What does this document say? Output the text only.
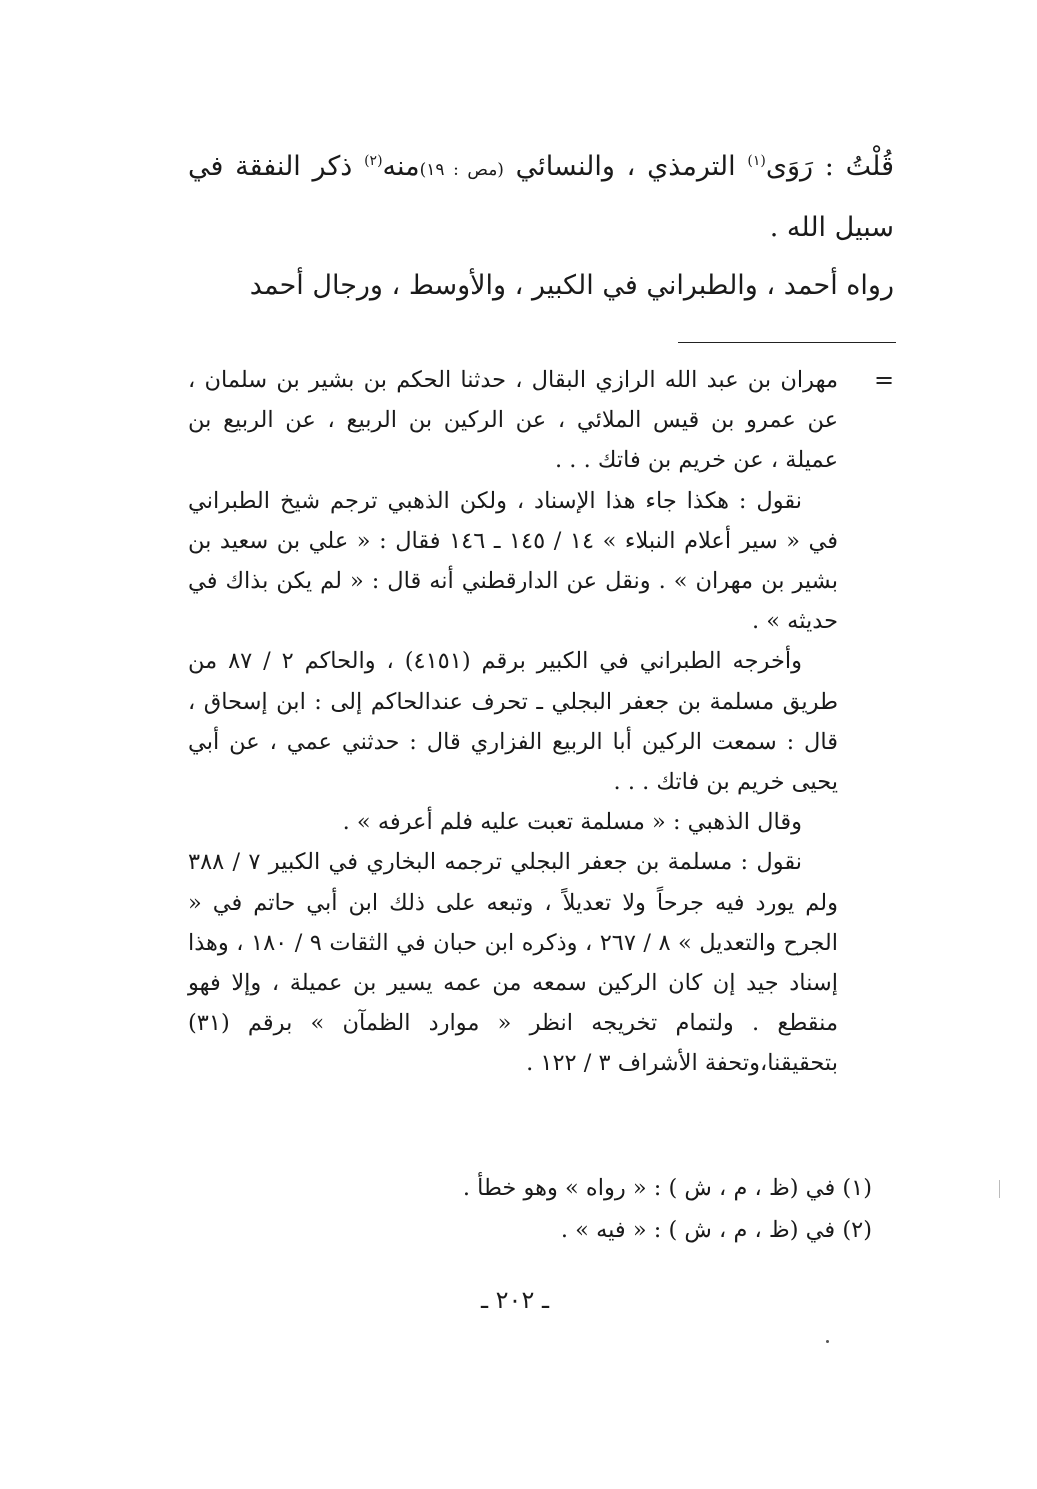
قُلْتُ : رَوَى$^{(١)}$ الترمذي ، والنسائي (مص : ١٩)منه$^{(٢)}$ ذكر النفقة في سبيل الله .

رواه أحمد ، والطبراني في الكبير ، والأوسط ، ورجال أحمد

=

مهران بن عبد الله الرازي البقال ، حدثنا الحكم بن بشير بن سلمان ، عن عمرو بن قيس الملائي ، عن الركين بن الربيع ، عن الربيع بن عميلة ، عن خريم بن فاتك . . .

نقول : هكذا جاء هذا الإسناد ، ولكن الذهبي ترجم شيخ الطبراني في « سير أعلام النبلاء » ١٤ / ١٤٥ ـ ١٤٦ فقال : « علي بن سعيد بن بشير بن مهران » . ونقل عن الدارقطني أنه قال : « لم يكن بذاك في حديثه » .

وأخرجه الطبراني في الكبير برقم (٤١٥١) ، والحاكم ٢ / ٨٧ من طريق مسلمة بن جعفر البجلي ـ تحرف عندالحاكم إلى : ابن إسحاق ، قال : سمعت الركين أبا الربيع الفزاري قال : حدثني عمي ، عن أبي يحيى خريم بن فاتك . . .

وقال الذهبي : « مسلمة تعبت عليه فلم أعرفه » .

نقول : مسلمة بن جعفر البجلي ترجمه البخاري في الكبير ٧ / ٣٨٨ ولم يورد فيه جرحاً ولا تعديلاً ، وتبعه على ذلك ابن أبي حاتم في « الجرح والتعديل » ٨ / ٢٦٧ ، وذكره ابن حبان في الثقات ٩ / ١٨٠ ، وهذا إسناد جيد إن كان الركين سمعه من عمه يسير بن عميلة ، وإلا فهو منقطع . ولتمام تخريجه انظر « موارد الظمآن » برقم (٣١) بتحقيقنا،وتحفة الأشراف ٣ / ١٢٢ .

(١) في (ظ ، م ، ش ) : « رواه » وهو خطأ .
(٢) في (ظ ، م ، ش ) : « فيه » .
ـ ٢٠٢ ـ
